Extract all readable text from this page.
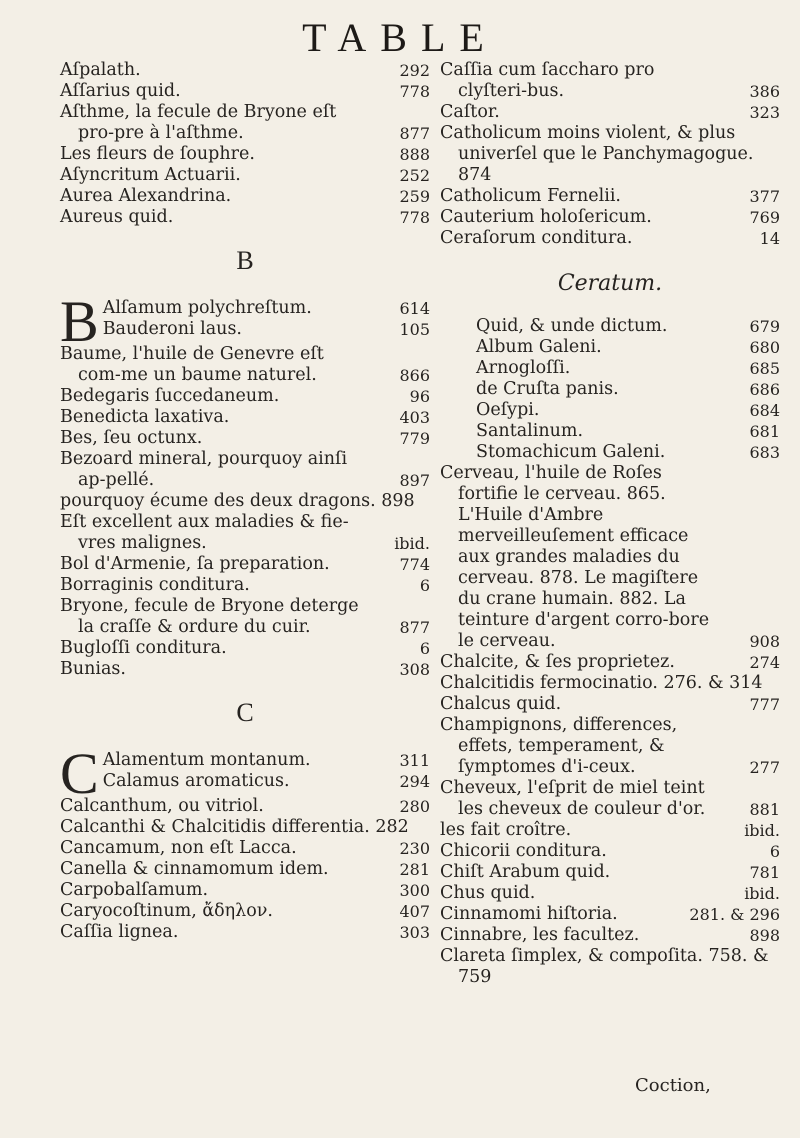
TABLE
Aſpalath.	292
Aſſarius quid.	778
Aſthme, la fecule de Bryone eſt pro-pre à l'aſthme.	877
Les fleurs de ſouphre.	888
Aſyncritum Actuarii.	252
Aurea Alexandrina.	259
Aureus quid.	778
B
B Alſamum polychreſtum.	614
Bauderoni laus.	105
Baume, l'huile de Genevre eſt com-me un baume naturel.	866
Bedegaris ſuccedaneum.	96
Benedicta laxativa.	403
Bes, ſeu octunx.	779
Bezoard mineral, pourquoy ainſi ap-pellé.	897
pourquoy écume des deux dragons. 898
Eſt excellent aux maladies & fie-vres malignes.	ibid.
Bol d'Armenie, ſa preparation.	774
Borraginis conditura.	6
Bryone, fecule de Bryone deterge la craſſe & ordure du cuir.	877
Bugloſſi conditura.	6
Bunias.	308
C
C Alamentum montanum.	311
Calamus aromaticus.	294
Calcanthum, ou vitriol.	280
Calcanthi & Chalcitidis differentia. 282
Cancamum, non eſt Lacca.	230
Canella & cinnamomum idem.	281
Carpobalſamum.	300
Caryocoſtinum, ἄδηλον.	407
Caſſia lignea.	303
Caſſia cum ſaccharo pro clyſteri-bus.	386
Caſtor.	323
Catholicum moins violent, & plus univerſel que le Panchymagogue. 874
Catholicum Fernelii.	377
Cauterium holoſericum.	769
Ceraſorum conditura.	14
Ceratum.
Quid, & unde dictum.	679
Album Galeni.	680
Arnogloſſi.	685
de Cruſta panis.	686
Oeſypi.	684
Santalinum.	681
Stomachicum Galeni.	683
Cerveau, l'huile de Roſes fortifie le cerveau. 865. L'Huile d'Ambre merveilleuſement efficace aux grandes maladies du cerveau. 878. Le magiſtere du crane humain. 882. La teinture d'argent corro-bore le cerveau.	908
Chalcite, & ſes proprietez.	274
Chalcitidis fermocinatio. 276. & 314
Chalcus quid.	777
Champignons, differences, effets, temperament, & ſymptomes d'i-ceux.	277
Cheveux, l'eſprit de miel teint les cheveux de couleur d'or.	881
les fait croître.	ibid.
Chicorii conditura.	6
Chiſt Arabum quid.	781
Chus quid.	ibid.
Cinnamomi hiſtoria.	281. & 296
Cinnabre, les facultez.	898
Clareta ſimplex, & compoſita. 758. & 759
Coction,
